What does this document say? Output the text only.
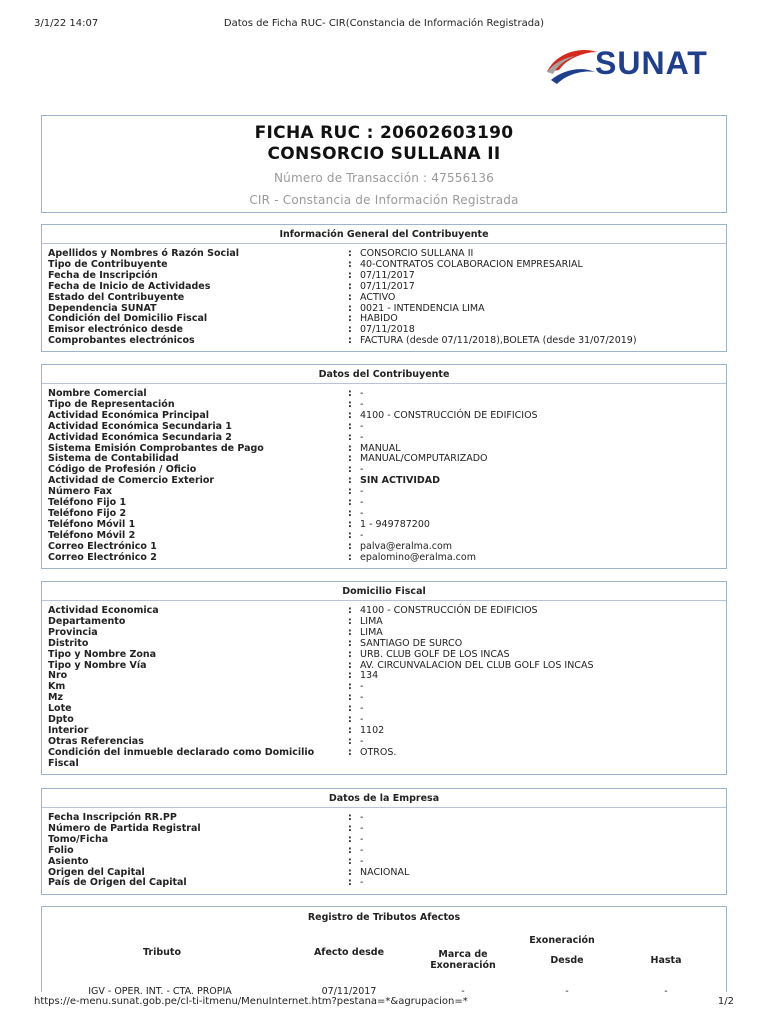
3/1/22 14:07	Datos de Ficha RUC- CIR(Constancia de Información Registrada)
SUNAT
FICHA RUC : 20602603190
CONSORCIO SULLANA II
Número de Transacción : 47556136
CIR - Constancia de Información Registrada
Información General del Contribuyente
Apellidos y Nombres ó Razón Social	: CONSORCIO SULLANA II
Tipo de Contribuyente	: 40-CONTRATOS COLABORACION EMPRESARIAL
Fecha de Inscripción	: 07/11/2017
Fecha de Inicio de Actividades	: 07/11/2017
Estado del Contribuyente	: ACTIVO
Dependencia SUNAT	: 0021 - INTENDENCIA LIMA
Condición del Domicilio Fiscal	: HABIDO
Emisor electrónico desde	: 07/11/2018
Comprobantes electrónicos	: FACTURA (desde 07/11/2018),BOLETA (desde 31/07/2019)
Datos del Contribuyente
Nombre Comercial	: -
Tipo de Representación	: -
Actividad Económica Principal	: 4100 - CONSTRUCCIÓN DE EDIFICIOS
Actividad Económica Secundaria 1	: -
Actividad Económica Secundaria 2	: -
Sistema Emisión Comprobantes de Pago	: MANUAL
Sistema de Contabilidad	: MANUAL/COMPUTARIZADO
Código de Profesión / Oficio	: -
Actividad de Comercio Exterior	: SIN ACTIVIDAD
Número Fax	: -
Teléfono Fijo 1	: -
Teléfono Fijo 2	: -
Teléfono Móvil 1	: 1 - 949787200
Teléfono Móvil 2	: -
Correo Electrónico 1	: palva@eralma.com
Correo Electrónico 2	: epalomino@eralma.com
Domicilio Fiscal
Actividad Economica	: 4100 - CONSTRUCCIÓN DE EDIFICIOS
Departamento	: LIMA
Provincia	: LIMA
Distrito	: SANTIAGO DE SURCO
Tipo y Nombre Zona	: URB. CLUB GOLF DE LOS INCAS
Tipo y Nombre Vía	: AV. CIRCUNVALACION DEL CLUB GOLF LOS INCAS
Nro	: 134
Km	: -
Mz	: -
Lote	: -
Dpto	: -
Interior	: 1102
Otras Referencias	: -
Condición del inmueble declarado como Domicilio	: OTROS.
Fiscal
Datos de la Empresa
Fecha Inscripción RR.PP	: -
Número de Partida Registral	: -
Tomo/Ficha	: -
Folio	: -
Asiento	: -
Origen del Capital	: NACIONAL
País de Origen del Capital	: -
Registro de Tributos Afectos
Tributo	Afecto desde	Marca de Exoneración
Exoneración
Desde	Hasta
IGV - OPER. INT. - CTA. PROPIA	07/11/2017	-	-	-
https://e-menu.sunat.gob.pe/cl-ti-itmenu/MenuInternet.htm?pestana=*&agrupacion=*	1/2
